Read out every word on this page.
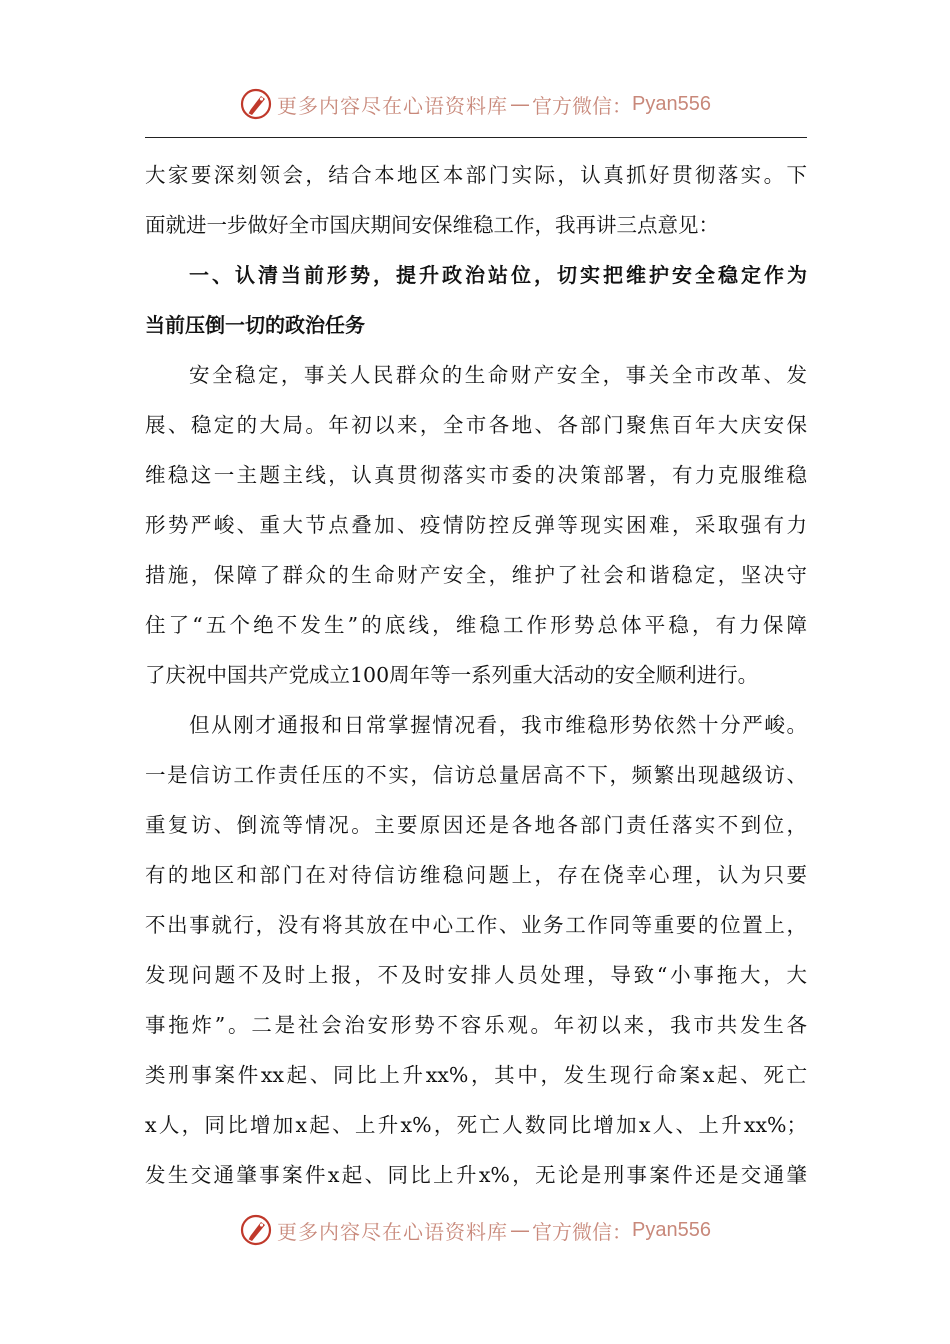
更多内容尽在心语资料库 — 官方微信： Pyan556
大家要深刻领会，结合本地区本部门实际，认真抓好贯彻落实。下
面就进一步做好全市国庆期间安保维稳工作，我再讲三点意见：
一、认清当前形势，提升政治站位，切实把维护安全稳定作为
当前压倒一切的政治任务
安全稳定，事关人民群众的生命财产安全，事关全市改革、发
展、稳定的大局。年初以来，全市各地、各部门聚焦百年大庆安保
维稳这一主题主线，认真贯彻落实市委的决策部署，有力克服维稳
形势严峻、重大节点叠加、疫情防控反弹等现实困难，采取强有力
措施，保障了群众的生命财产安全，维护了社会和谐稳定，坚决守
住了“五个绝不发生”的底线，维稳工作形势总体平稳，有力保障
了庆祝中国共产党成立100周年等一系列重大活动的安全顺利进行。
但从刚才通报和日常掌握情况看，我市维稳形势依然十分严峻。
一是信访工作责任压的不实，信访总量居高不下，频繁出现越级访、
重复访、倒流等情况。主要原因还是各地各部门责任落实不到位，
有的地区和部门在对待信访维稳问题上，存在侥幸心理，认为只要
不出事就行，没有将其放在中心工作、业务工作同等重要的位置上，
发现问题不及时上报，不及时安排人员处理，导致“小事拖大，大
事拖炸”。二是社会治安形势不容乐观。年初以来，我市共发生各
类刑事案件xx起、同比上升xx%，其中，发生现行命案x起、死亡
x人，同比增加x起、上升x%，死亡人数同比增加x人、上升xx%；
发生交通肇事案件x起、同比上升x%，无论是刑事案件还是交通肇
更多内容尽在心语资料库 — 官方微信： Pyan556
